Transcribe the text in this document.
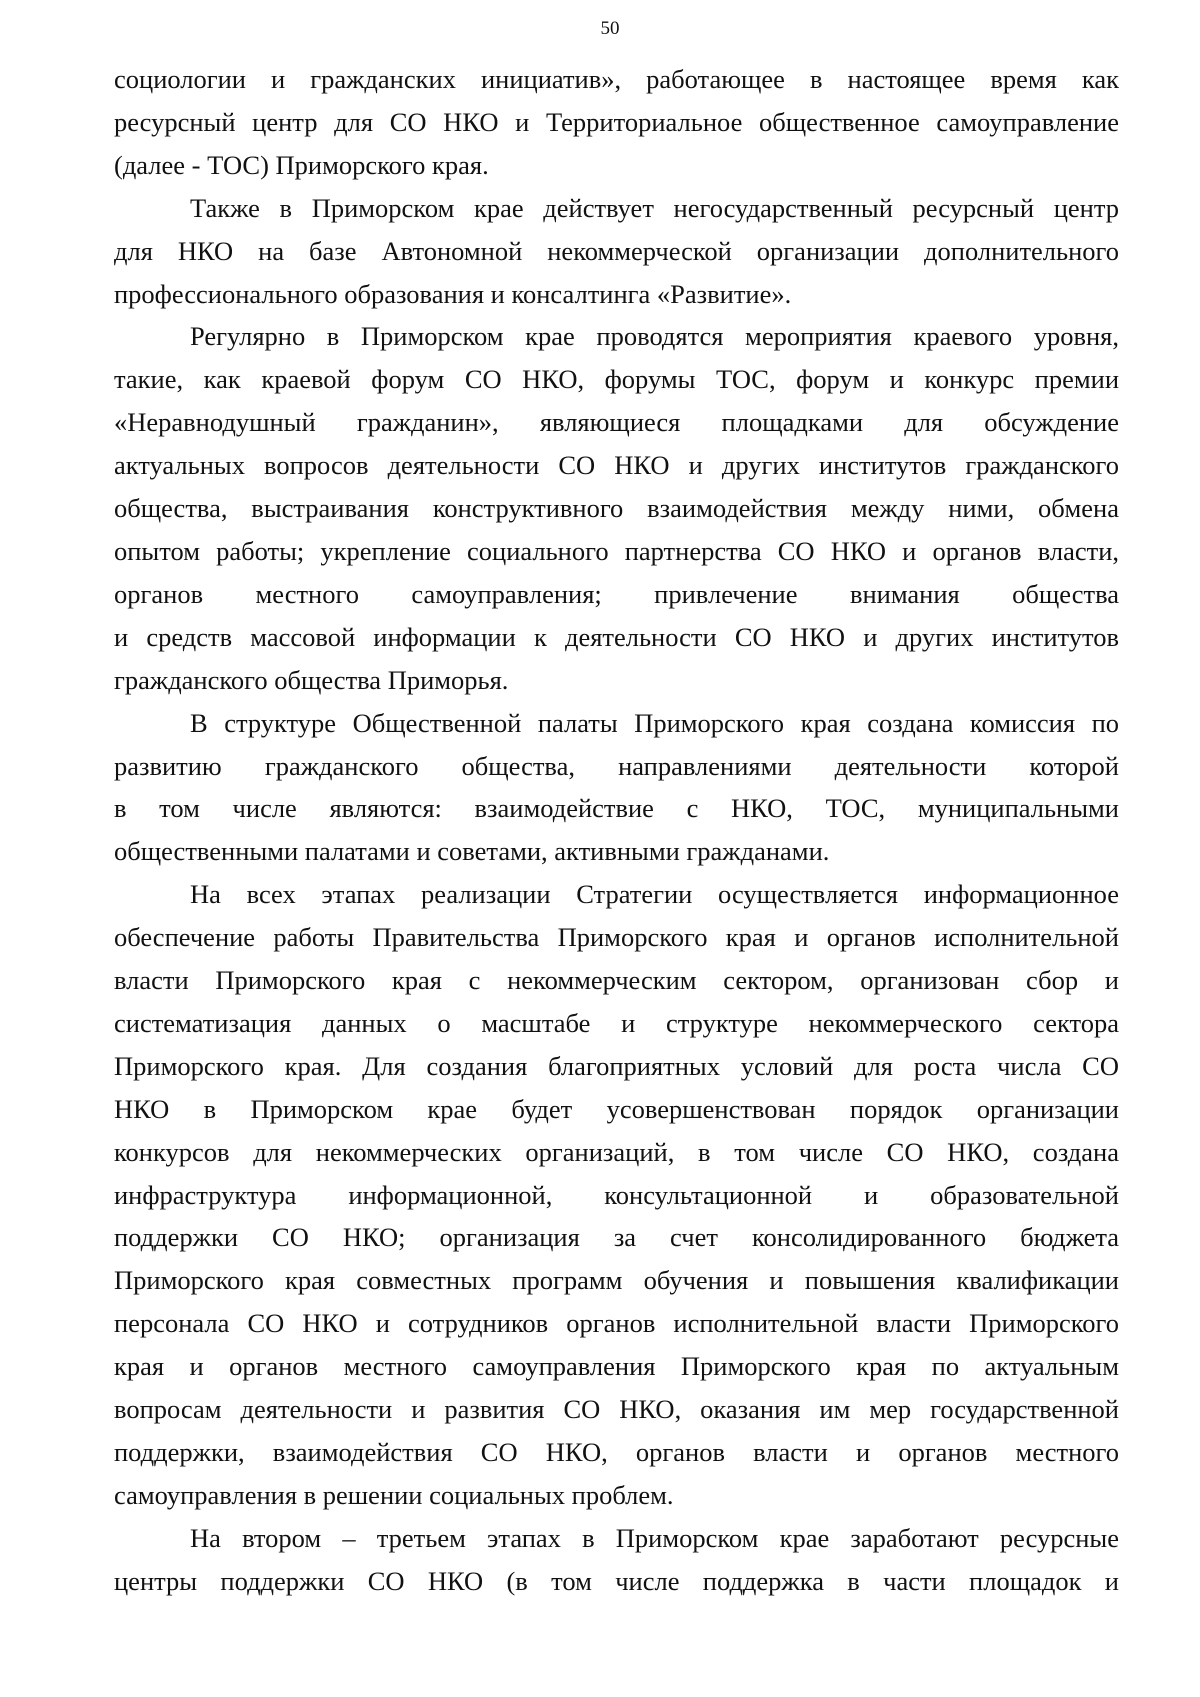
50

социологии и гражданских инициатив», работающее в настоящее время как

ресурсный центр для СО НКО и Территориальное общественное самоуправление

(далее - ТОС) Приморского края.

Также в Приморском крае действует негосударственный ресурсный центр

для НКО на базе Автономной некоммерческой организации дополнительного

профессионального образования и консалтинга «Развитие».

Регулярно в Приморском крае проводятся мероприятия краевого уровня,

такие, как краевой форум СО НКО, форумы ТОС, форум и конкурс премии

«Неравнодушный гражданин», являющиеся площадками для обсуждение

актуальных вопросов деятельности СО НКО и других институтов гражданского

общества, выстраивания конструктивного взаимодействия между ними, обмена

опытом работы; укрепление социального партнерства СО НКО и органов власти,

органов местного самоуправления; привлечение внимания общества

и средств массовой информации к деятельности СО НКО и других институтов

гражданского общества Приморья.

В структуре Общественной палаты Приморского края создана комиссия по

развитию гражданского общества, направлениями деятельности которой

в том числе являются: взаимодействие с НКО, ТОС, муниципальными

общественными палатами и советами, активными гражданами.

На всех этапах реализации Стратегии осуществляется информационное

обеспечение работы Правительства Приморского края и органов исполнительной

власти Приморского края с некоммерческим сектором, организован сбор и

систематизация данных о масштабе и структуре некоммерческого сектора

Приморского края. Для создания благоприятных условий для роста числа СО

НКО в Приморском крае будет усовершенствован порядок организации

конкурсов для некоммерческих организаций, в том числе СО НКО, создана

инфраструктура информационной, консультационной и образовательной

поддержки СО НКО; организация за счет консолидированного бюджета

Приморского края совместных программ обучения и повышения квалификации

персонала СО НКО и сотрудников органов исполнительной власти Приморского

края и органов местного самоуправления Приморского края по актуальным

вопросам деятельности и развития СО НКО, оказания им мер государственной

поддержки, взаимодействия СО НКО, органов власти и органов местного

самоуправления в решении социальных проблем.

На втором – третьем этапах в Приморском крае заработают ресурсные

центры поддержки СО НКО (в том числе поддержка в части площадок и
